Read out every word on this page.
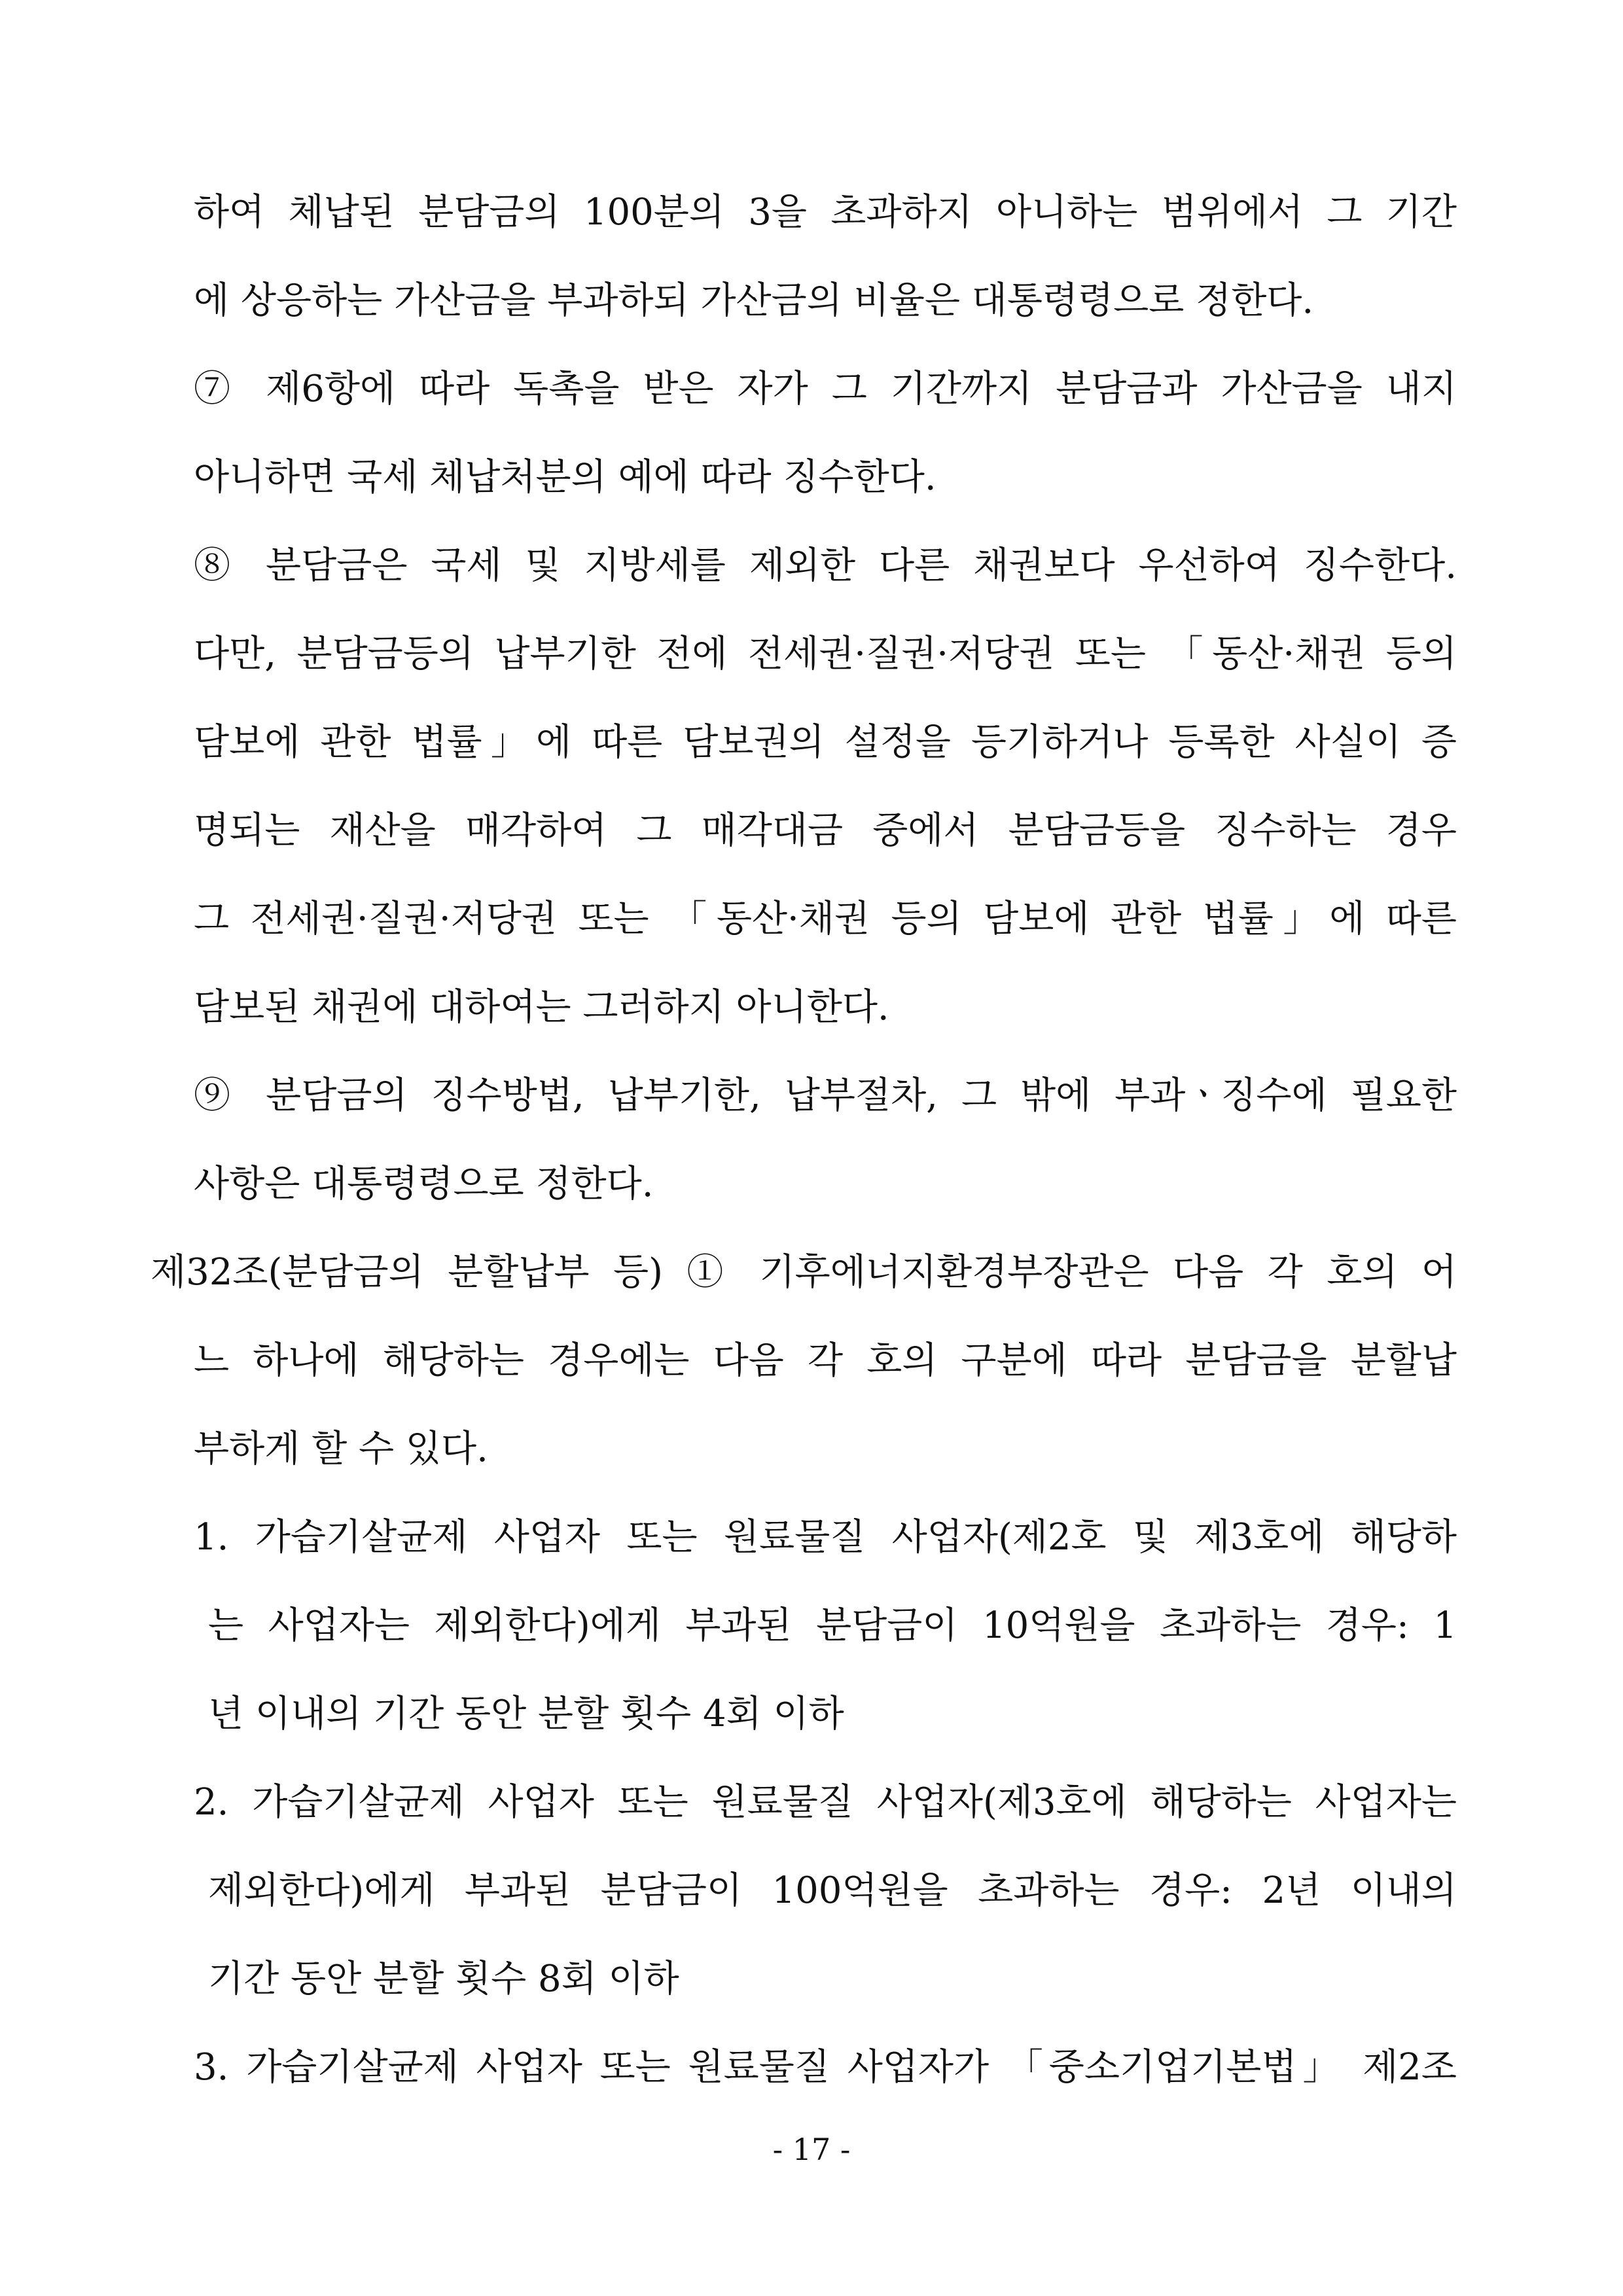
하여 체납된 분담금의 100분의 3을 초과하지 아니하는 범위에서 그 기간
에 상응하는 가산금을 부과하되 가산금의 비율은 대통령령으로 정한다.
⑦ 제6항에 따라 독촉을 받은 자가 그 기간까지 분담금과 가산금을 내지
아니하면 국세 체납처분의 예에 따라 징수한다.
⑧ 분담금은 국세 및 지방세를 제외한 다른 채권보다 우선하여 징수한다.
다만, 분담금등의 납부기한 전에 전세권·질권·저당권 또는 「동산·채권 등의
담보에 관한 법률」에 따른 담보권의 설정을 등기하거나 등록한 사실이 증
명되는 재산을 매각하여 그 매각대금 중에서 분담금등을 징수하는 경우
그 전세권·질권·저당권 또는 「동산·채권 등의 담보에 관한 법률」에 따른
담보된 채권에 대하여는 그러하지 아니한다.
⑨ 분담금의 징수방법, 납부기한, 납부절차, 그 밖에 부과ㆍ징수에 필요한
사항은 대통령령으로 정한다.
제32조(분담금의 분할납부 등) ① 기후에너지환경부장관은 다음 각 호의 어
느 하나에 해당하는 경우에는 다음 각 호의 구분에 따라 분담금을 분할납
부하게 할 수 있다.
1. 가습기살균제 사업자 또는 원료물질 사업자(제2호 및 제3호에 해당하
는 사업자는 제외한다)에게 부과된 분담금이 10억원을 초과하는 경우: 1
년 이내의 기간 동안 분할 횟수 4회 이하
2. 가습기살균제 사업자 또는 원료물질 사업자(제3호에 해당하는 사업자는
제외한다)에게 부과된 분담금이 100억원을 초과하는 경우: 2년 이내의
기간 동안 분할 횟수 8회 이하
3. 가습기살균제 사업자 또는 원료물질 사업자가 「중소기업기본법」 제2조
- 17 -
